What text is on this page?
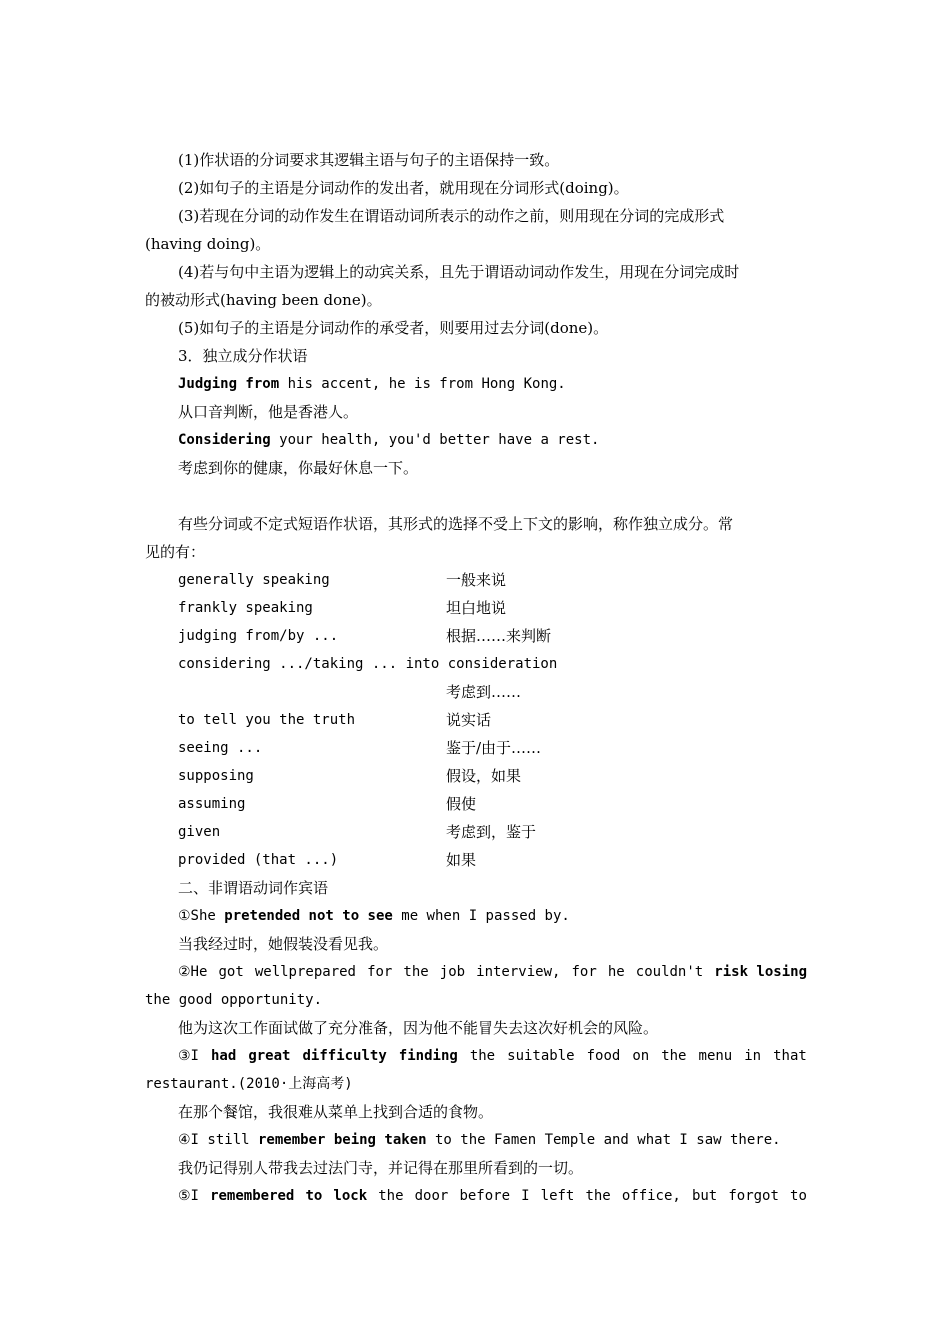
(1)作状语的分词要求其逻辑主语与句子的主语保持一致。
(2)如句子的主语是分词动作的发出者，就用现在分词形式(doing)。
(3)若现在分词的动作发生在谓语动词所表示的动作之前，则用现在分词的完成形式
(having doing)。
(4)若与句中主语为逻辑上的动宾关系，且先于谓语动词动作发生，用现在分词完成时
的被动形式(having been done)。
(5)如句子的主语是分词动作的承受者，则要用过去分词(done)。
3．独立成分作状语
Judging from his accent, he is from Hong Kong.
从口音判断，他是香港人。
Considering your health, you'd better have a rest.
考虑到你的健康，你最好休息一下。
有些分词或不定式短语作状语，其形式的选择不受上下文的影响，称作独立成分。常
见的有：
generally speaking	一般来说
frankly speaking	坦白地说
judging from/by ...	根据……来判断
considering .../taking ... into consideration
考虑到……
to tell you the truth	说实话
seeing ...	鉴于/由于……
supposing	假设，如果
assuming	假使
given	考虑到，鉴于
provided (that ...)	如果
二、非谓语动词作宾语
①She pretended not to see me when I passed by.
当我经过时，她假装没看见我。
②He got wellprepared for the job interview, for he couldn't risk losing
the good opportunity.
他为这次工作面试做了充分准备，因为他不能冒失去这次好机会的风险。
③I had great difficulty finding the suitable food on the menu in that
restaurant.(2010·上海高考)
在那个餐馆，我很难从菜单上找到合适的食物。
④I still remember being taken to the Famen Temple and what I saw there.
我仍记得别人带我去过法门寺，并记得在那里所看到的一切。
⑤I remembered to lock the door before I left the office, but forgot to
